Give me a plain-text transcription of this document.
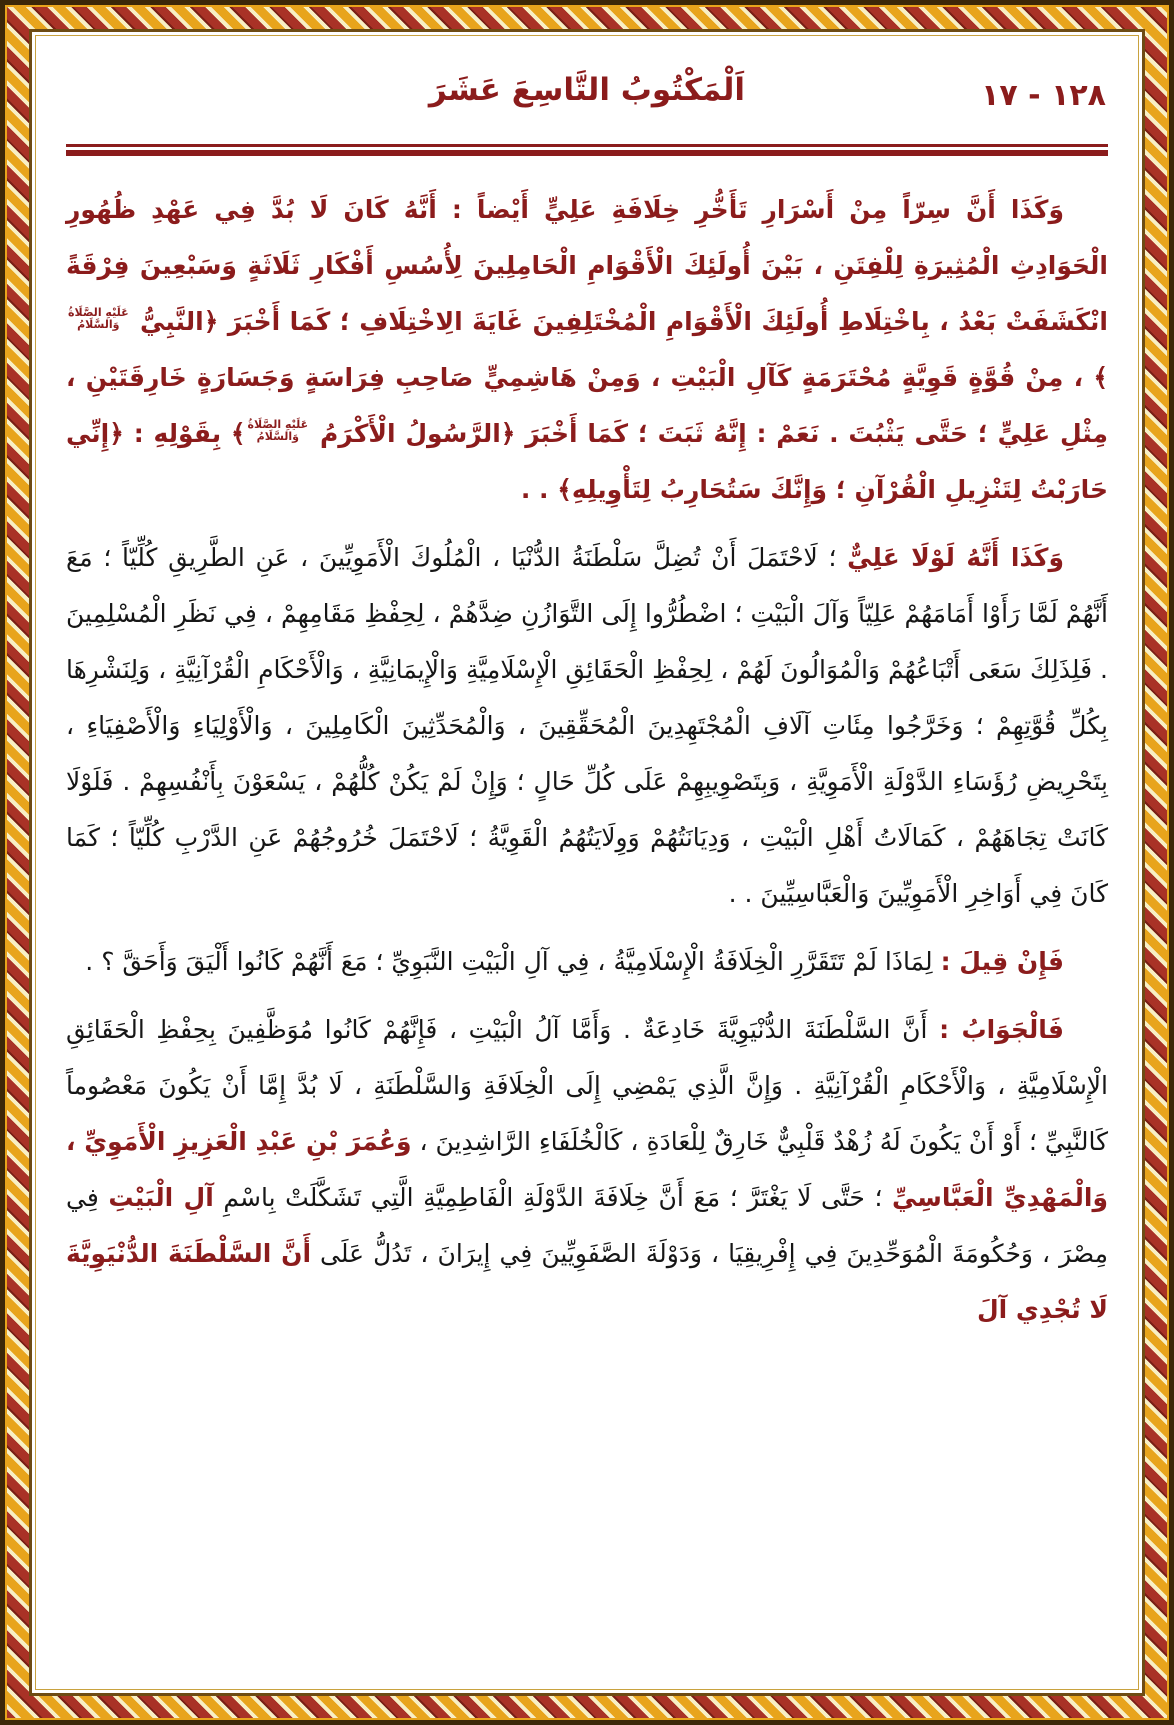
١٢٨ - ١٧
اَلْمَكْتُوبُ التَّاسِعَ عَشَرَ

وَكَذَا أَنَّ سِرّاً مِنْ أَسْرَارِ تَأَخُّرِ خِلَافَةِ عَلِيٍّ أَيْضاً : أَنَّهُ كَانَ لَا بُدَّ فِي عَهْدِ ظُهُورِ الْحَوَادِثِ الْمُثِيرَةِ لِلْفِتَنِ ، بَيْنَ أُولَئِكَ الْأَقْوَامِ الْحَامِلِينَ لِأُسُسِ أَفْكَارِ ثَلَاثَةٍ وَسَبْعِينَ فِرْقَةً انْكَشَفَتْ بَعْدُ ، بِاخْتِلَاطِ أُولَئِكَ الْأَقْوَامِ الْمُخْتَلِفِينَ غَايَةَ الِاخْتِلَافِ ؛ كَمَا أَخْبَرَ ﴿النَّبِيُّ
عَلَيْهِ الصَّلَاةُ
وَالسَّلَامُ
﴾ ، مِنْ قُوَّةٍ قَوِيَّةٍ مُحْتَرَمَةٍ كَآلِ الْبَيْتِ ، وَمِنْ هَاشِمِيٍّ صَاحِبِ فِرَاسَةٍ وَجَسَارَةٍ خَارِقَتَيْنِ ، مِثْلِ عَلِيٍّ ؛ حَتَّى يَثْبُتَ . نَعَمْ : إِنَّهُ ثَبَتَ ؛ كَمَا أَخْبَرَ ﴿الرَّسُولُ الْأَكْرَمُ
عَلَيْهِ الصَّلَاةُ
وَالسَّلَامُ
﴾ بِقَوْلِهِ : ﴿إِنِّي حَارَبْتُ لِتَنْزِيلِ الْقُرْآنِ ؛ وَإِنَّكَ سَتُحَارِبُ لِتَأْوِيلِهِ﴾ . .

وَكَذَا أَنَّهُ لَوْلَا عَلِيٌّ ؛ لَاحْتَمَلَ أَنْ تُضِلَّ سَلْطَنَةُ الدُّنْيَا ، الْمُلُوكَ الْأَمَوِيِّينَ ، عَنِ الطَّرِيقِ كُلِّيّاً ؛ مَعَ أَنَّهُمْ لَمَّا رَأَوْا أَمَامَهُمْ عَلِيّاً وَآلَ الْبَيْتِ ؛ اضْطُرُّوا إِلَى التَّوَازُنِ ضِدَّهُمْ ، لِحِفْظِ مَقَامِهِمْ ، فِي نَظَرِ الْمُسْلِمِينَ . فَلِذَلِكَ سَعَى أَتْبَاعُهُمْ وَالْمُوَالُونَ لَهُمْ ، لِحِفْظِ الْحَقَائِقِ الْإِسْلَامِيَّةِ وَالْإِيمَانِيَّةِ ، وَالْأَحْكَامِ الْقُرْآنِيَّةِ ، وَلِنَشْرِهَا بِكُلِّ قُوَّتِهِمْ ؛ وَخَرَّجُوا مِئَاتِ آلَافِ الْمُجْتَهِدِينَ الْمُحَقِّقِينَ ، وَالْمُحَدِّثِينَ الْكَامِلِينَ ، وَالْأَوْلِيَاءِ وَالْأَصْفِيَاءِ ، بِتَحْرِيضِ رُؤَسَاءِ الدَّوْلَةِ الْأَمَوِيَّةِ ، وَبِتَصْوِيبِهِمْ عَلَى كُلِّ حَالٍ ؛ وَإِنْ لَمْ يَكُنْ كُلُّهُمْ ، يَسْعَوْنَ بِأَنْفُسِهِمْ . فَلَوْلَا كَانَتْ تِجَاهَهُمْ ، كَمَالَاتُ أَهْلِ الْبَيْتِ ، وَدِيَانَتُهُمْ وَوِلَايَتُهُمُ الْقَوِيَّةُ ؛ لَاحْتَمَلَ خُرُوجُهُمْ عَنِ الدَّرْبِ كُلِّيّاً ؛ كَمَا كَانَ فِي أَوَاخِرِ الْأَمَوِيِّينَ وَالْعَبَّاسِيِّينَ . .

فَإِنْ قِيلَ : لِمَاذَا لَمْ تَتَقَرَّرِ الْخِلَافَةُ الْإِسْلَامِيَّةُ ، فِي آلِ الْبَيْتِ النَّبَوِيِّ ؛ مَعَ أَنَّهُمْ كَانُوا أَلْيَقَ وَأَحَقَّ ؟ .

فَالْجَوَابُ : أَنَّ السَّلْطَنَةَ الدُّنْيَوِيَّةَ خَادِعَةٌ . وَأَمَّا آلُ الْبَيْتِ ، فَإِنَّهُمْ كَانُوا مُوَظَّفِينَ بِحِفْظِ الْحَقَائِقِ الْإِسْلَامِيَّةِ ، وَالْأَحْكَامِ الْقُرْآنِيَّةِ . وَإِنَّ الَّذِي يَمْضِي إِلَى الْخِلَافَةِ وَالسَّلْطَنَةِ ، لَا بُدَّ إِمَّا أَنْ يَكُونَ مَعْصُوماً كَالنَّبِيِّ ؛ أَوْ أَنْ يَكُونَ لَهُ زُهْدٌ قَلْبِيٌّ خَارِقٌ لِلْعَادَةِ ، كَالْخُلَفَاءِ الرَّاشِدِينَ ، وَعُمَرَ بْنِ عَبْدِ الْعَزِيزِ الْأَمَوِيِّ ، وَالْمَهْدِيِّ الْعَبَّاسِيِّ ؛ حَتَّى لَا يَغْتَرَّ ؛ مَعَ أَنَّ خِلَافَةَ الدَّوْلَةِ الْفَاطِمِيَّةِ الَّتِي تَشَكَّلَتْ بِاسْمِ آلِ الْبَيْتِ فِي مِصْرَ ، وَحُكُومَةَ الْمُوَحِّدِينَ فِي إِفْرِيقِيَا ، وَدَوْلَةَ الصَّفَوِيِّينَ فِي إِيرَانَ ، تَدُلُّ عَلَى أَنَّ السَّلْطَنَةَ الدُّنْيَوِيَّةَ لَا تُجْدِي آلَ
